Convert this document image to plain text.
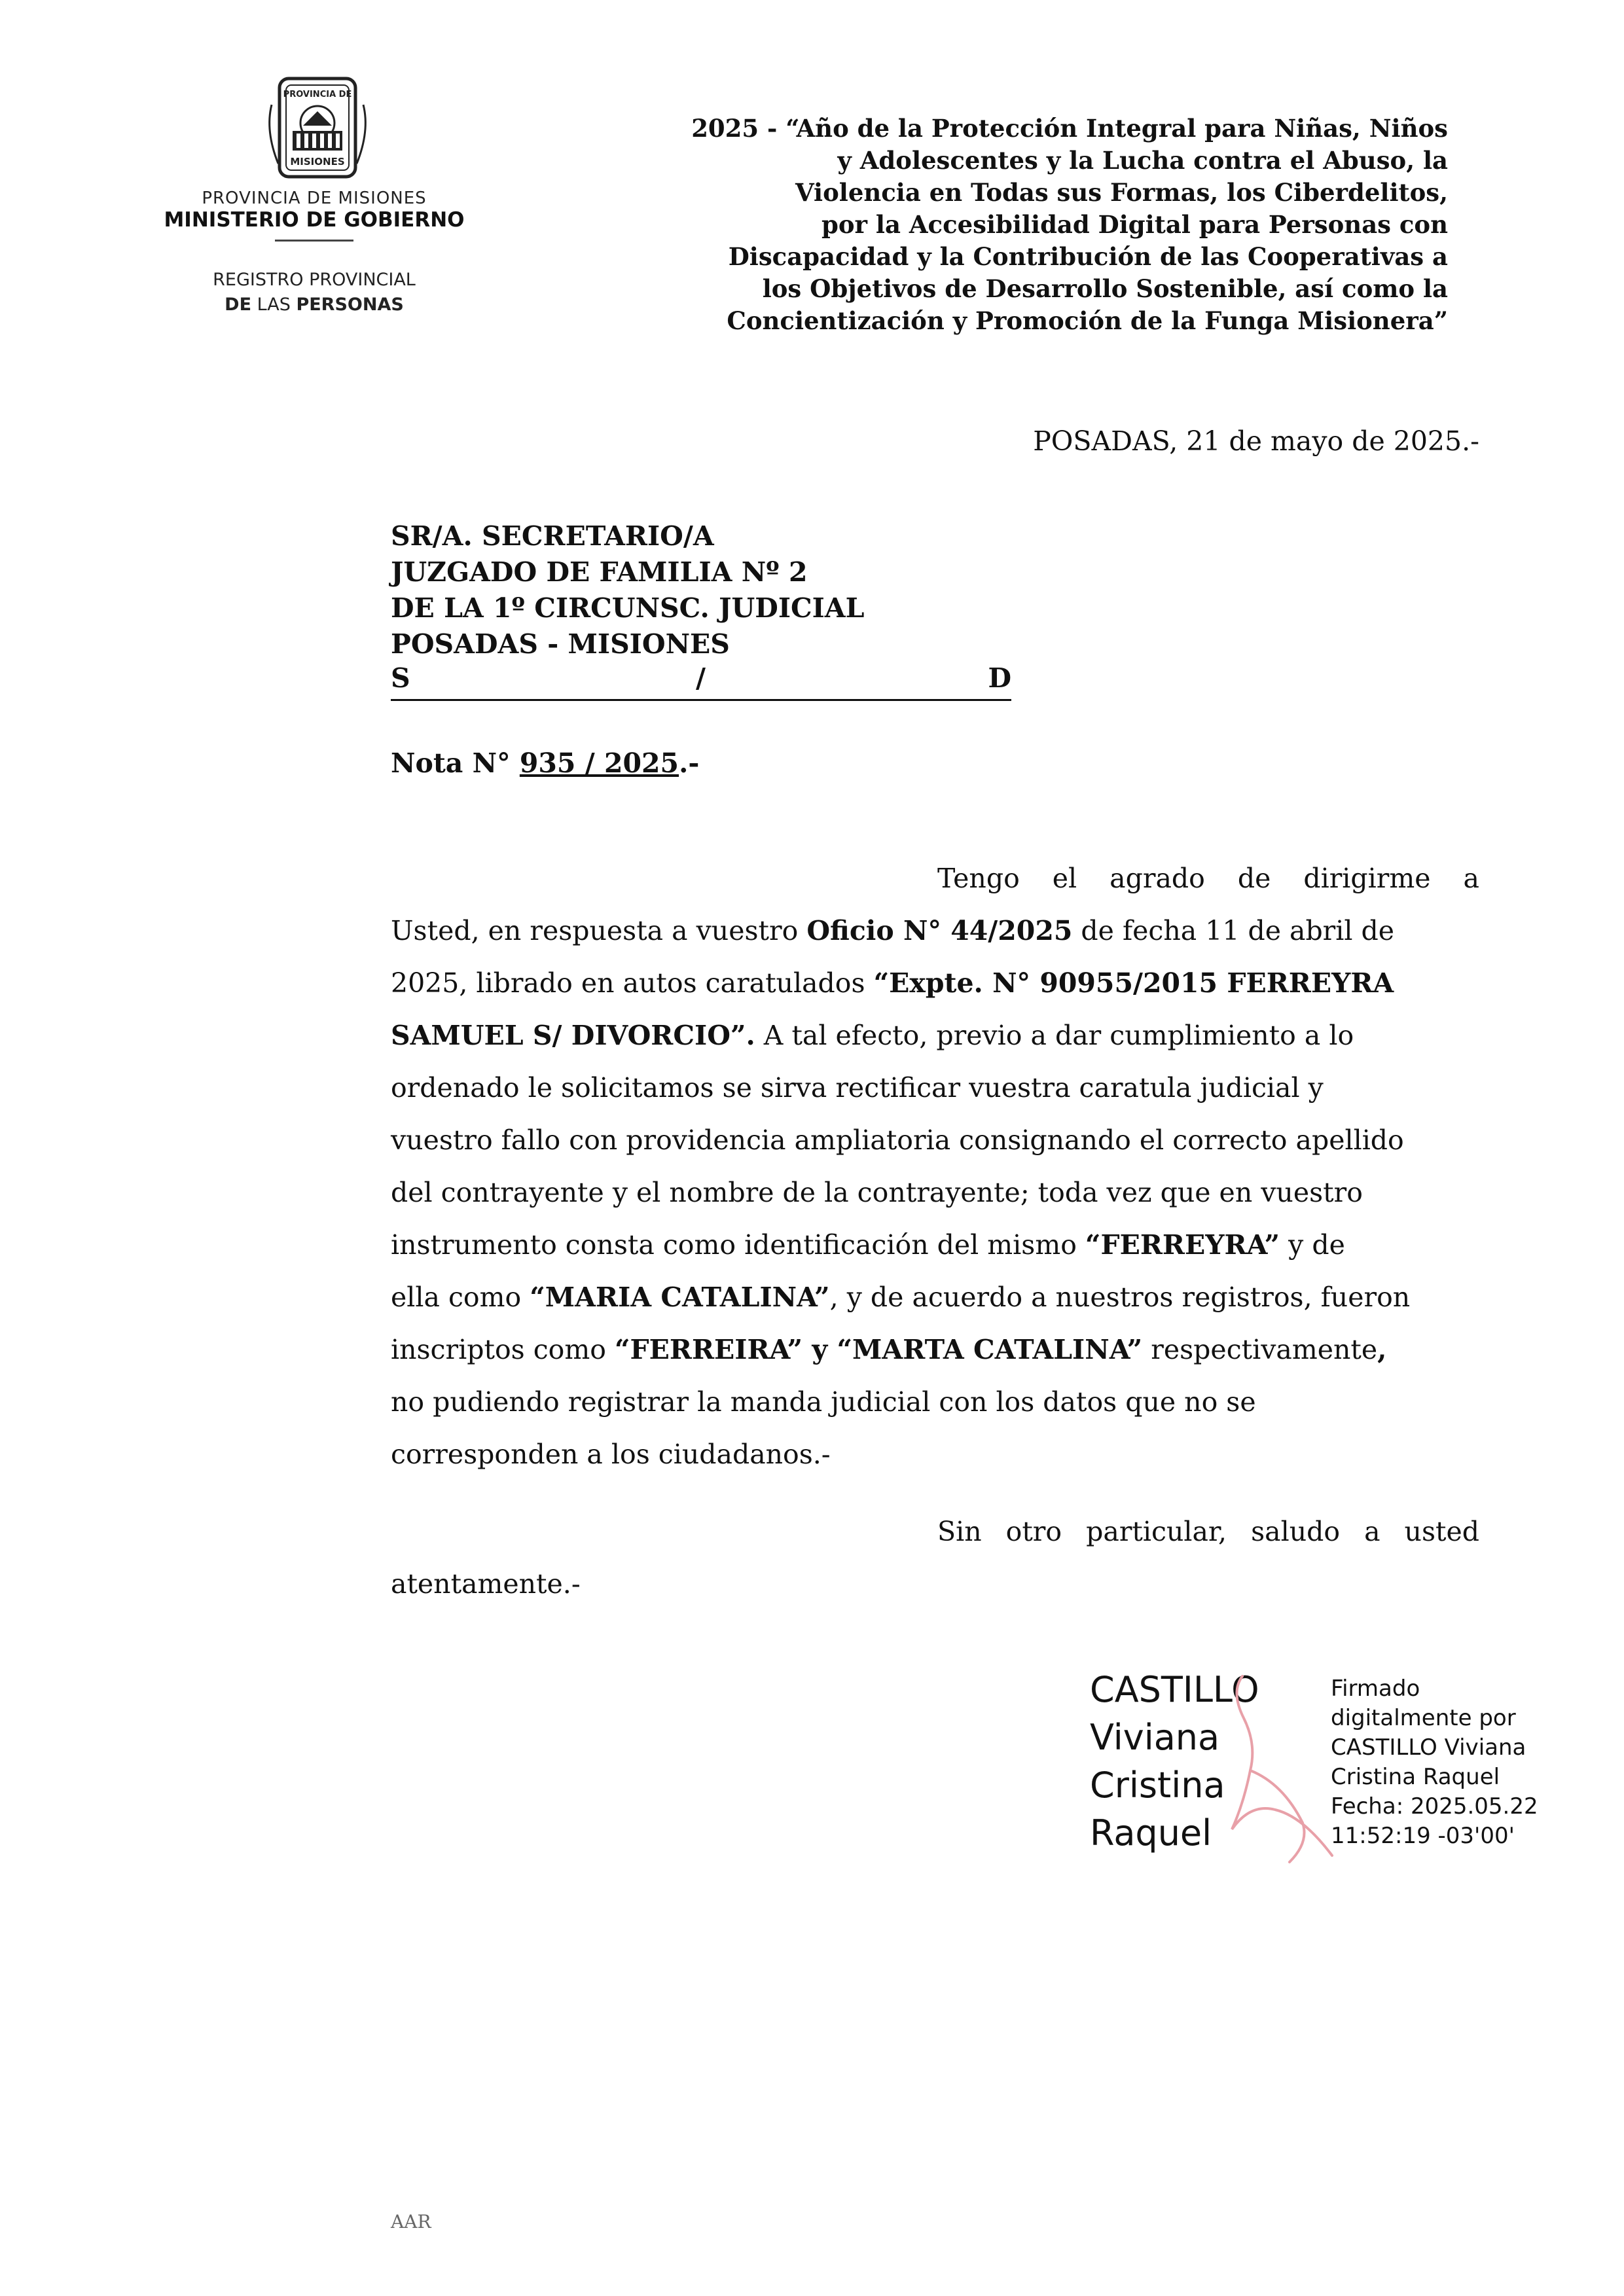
PROVINCIA DE
MISIONES
PROVINCIA DE MISIONES
MINISTERIO DE GOBIERNO
REGISTRO PROVINCIAL
DE LAS PERSONAS
2025 - “Año de la Protección Integral para Niñas, Niños
y Adolescentes y la Lucha contra el Abuso, la
Violencia en Todas sus Formas, los Ciberdelitos,
por la Accesibilidad Digital para Personas con
Discapacidad y la Contribución de las Cooperativas a
los Objetivos de Desarrollo Sostenible, así como la
Concientización y Promoción de la Funga Misionera”
POSADAS, 21 de mayo de 2025.-
SR/A. SECRETARIO/A
JUZGADO DE FAMILIA Nº 2
DE LA 1º CIRCUNSC. JUDICIAL
POSADAS - MISIONES
S	/	D
Nota N° 935 / 2025.-
Tengo el agrado de dirigirme a
Usted, en respuesta a vuestro Oficio N° 44/2025 de fecha 11 de abril de
2025, librado en autos caratulados “Expte. N° 90955/2015 FERREYRA
SAMUEL S/ DIVORCIO”. A tal efecto, previo a dar cumplimiento a lo
ordenado le solicitamos se sirva rectificar vuestra caratula judicial y
vuestro fallo con providencia ampliatoria consignando el correcto apellido
del contrayente y el nombre de la contrayente; toda vez que en vuestro
instrumento consta como identificación del mismo “FERREYRA” y de
ella como “MARIA CATALINA” , y de acuerdo a nuestros registros, fueron
inscriptos como “FERREIRA” y “MARTA CATALINA” respectivamente ,
no pudiendo registrar la manda judicial con los datos que no se
corresponden a los ciudadanos.-
Sin otro particular, saludo a usted
atentamente.-
CASTILLO
Viviana
Cristina
Raquel
Firmado
digitalmente por
CASTILLO Viviana
Cristina Raquel
Fecha: 2025.05.22
11:52:19 -03'00'
AAR
